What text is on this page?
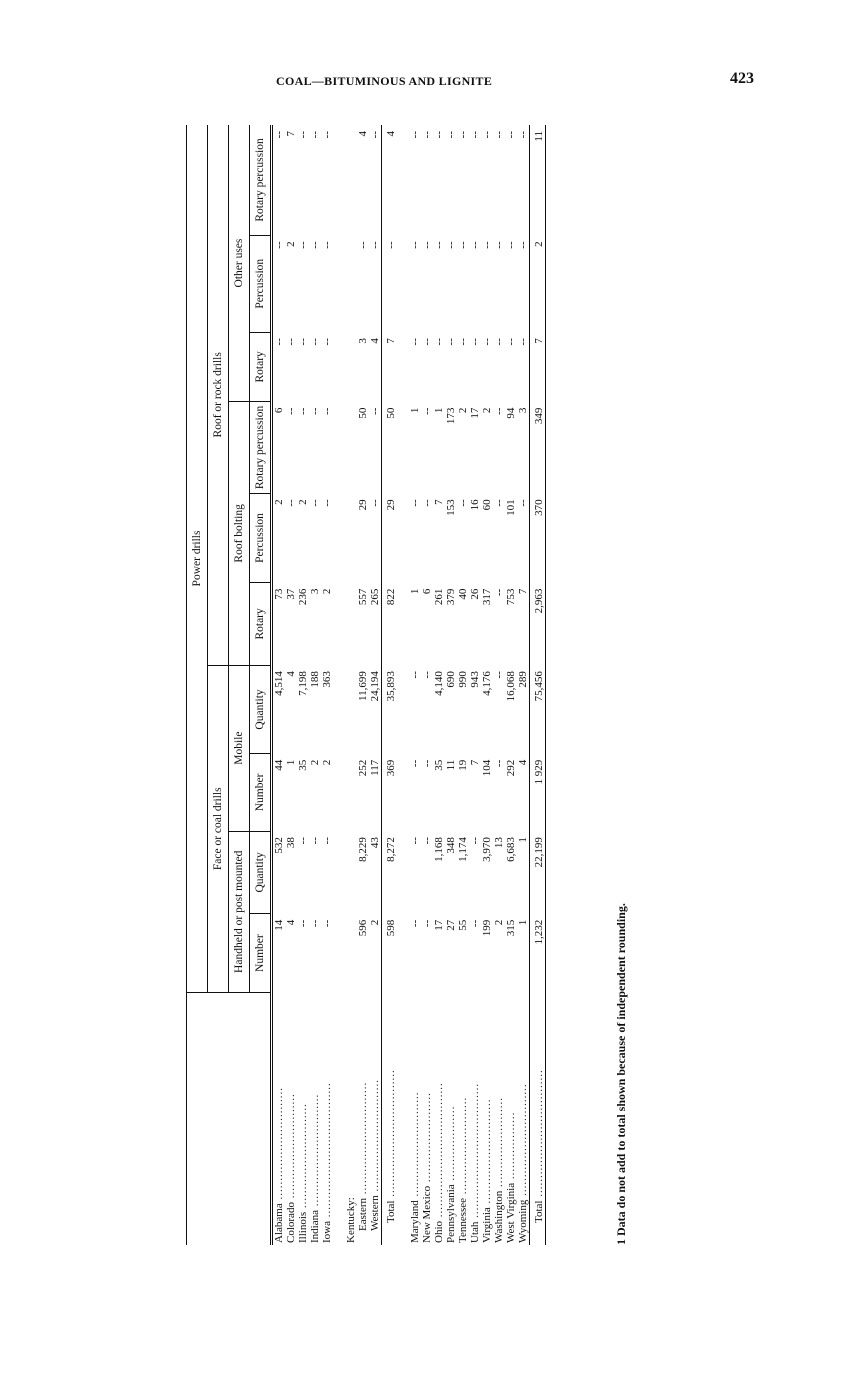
COAL—BITUMINOUS AND LIGNITE	423
	Power drills									
	Face or coal drills				Roof or rock drills					
	Handheld or post mounted		Mobile		Roof bolting			Other uses		
	Number	Quantity	Number	Quantity	Rotary	Percussion	Rotary percussion	Rotary	Percussion	Rotary percussion
Alabama ..............................	14	532	44	4,514	73	2	6	--	--	--
Colorado ............................	4	38	1	4	37	--	--	--	2	7
Illinois ............................	--	--	35	7,198	236	2	--	--	--	--
Indiana ..............................	--	--	2	188	3	--	--	--	--	--
Iowa ....................................	--	--	2	363	2	--	--	--	--	--

Kentucky:										
Eastern ..............................	596	8,229	252	11,699	557	29	50	3	--	4
Western ..............................	2	43	117	24,194	265	--	--	4	--	--
Total ..................................	598	8,272	369	35,893	822	29	50	7	--	4

Maryland ............................	--	--	--	--	1	--	1	--	--	--
New Mexico ........................	--	--	--	--	6	--	--	--	--	--
Ohio ....................................	17	1,168	35	4,140	261	7	1	--	--	--
Pennsylvania ....................	27	348	11	690	379	153	173	--	--	--
Tennessee ..........................	55	1,174	19	990	40	--	2	--	--	--
Utah ....................................	--	--	7	943	26	16	17	--	--	--
Virginia ............................	199	3,970	104	4,176	317	60	2	--	--	--
Washington ........................	2	13	--	--	--	--	--	--	--	--
West Virginia ..................	315	6,683	292	16,068	753	101	94	--	--	--
Wyoming ..............................	1	1	4	289	7	--	3	--	--	--
Total ..................................	1,232	22,199	1 929	75,456	2,963	370	349	7	2	11
1 Data do not add to total shown because of independent rounding.
